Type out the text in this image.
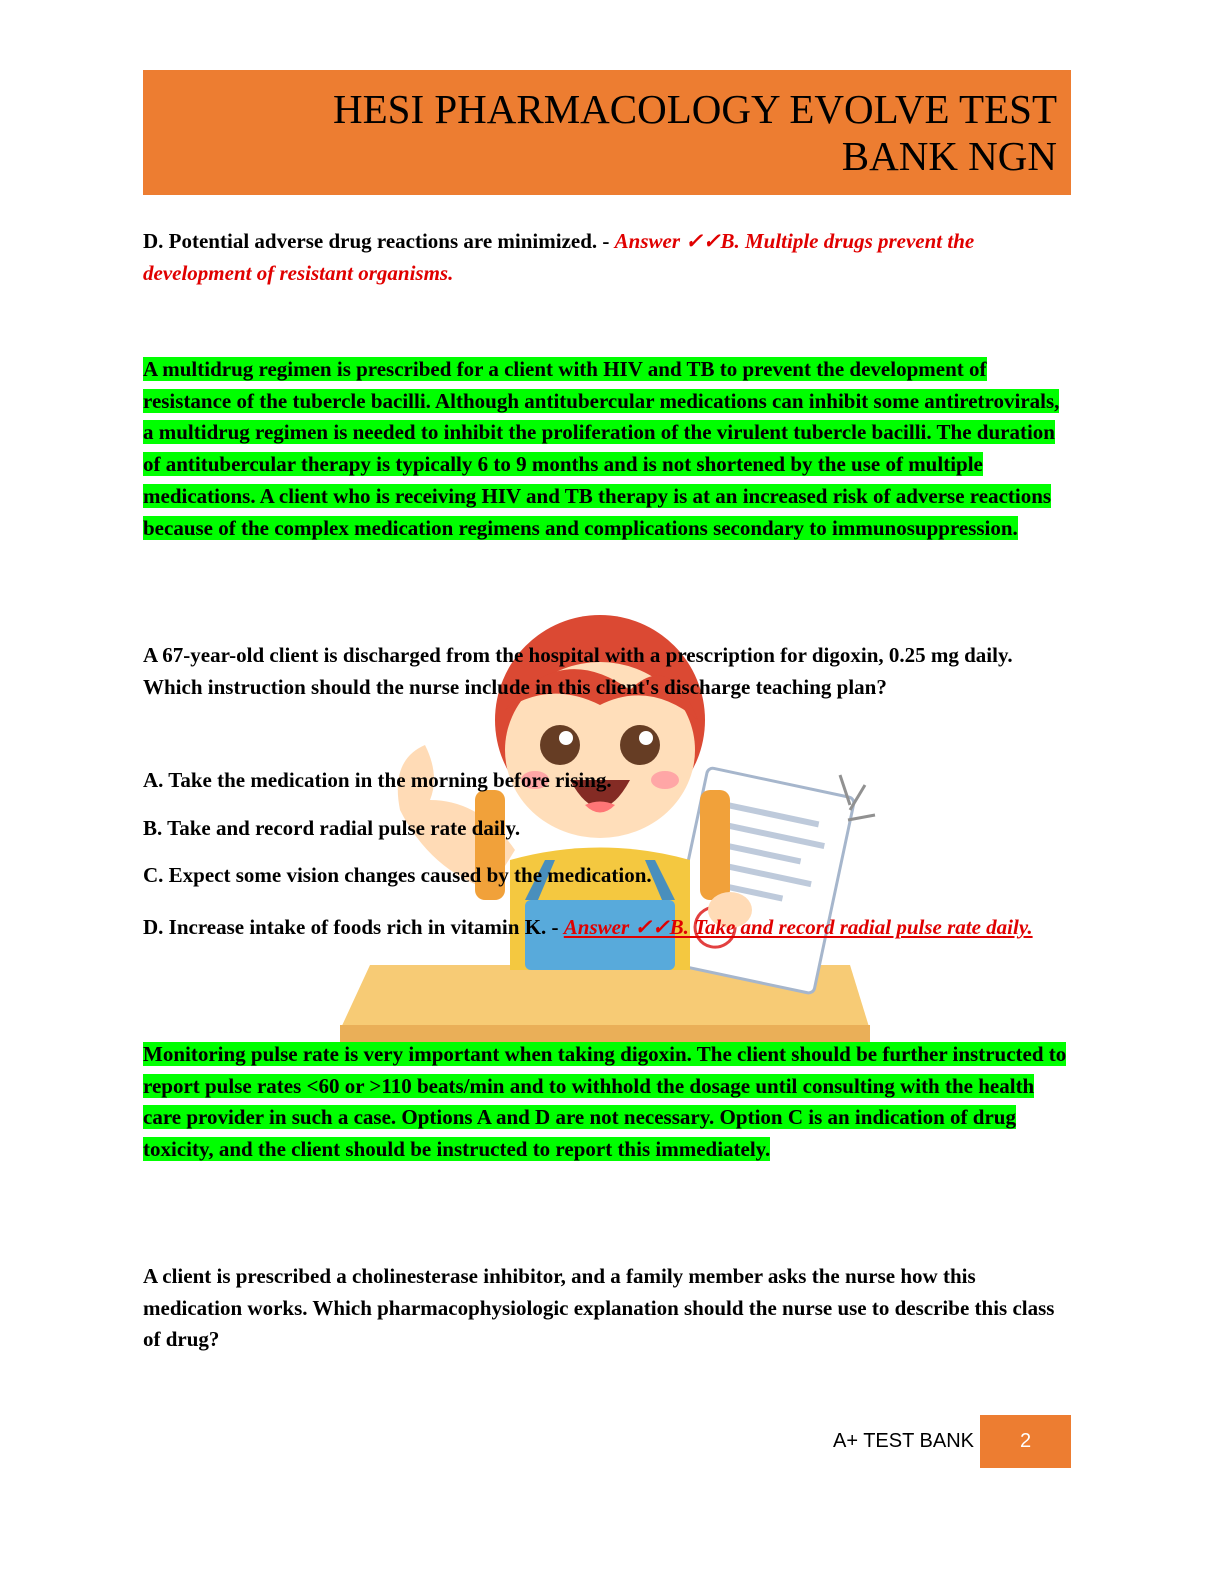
HESI PHARMACOLOGY EVOLVE TEST
BANK NGN

D. Potential adverse drug reactions are minimized. - Answer ✓✓B. Multiple drugs prevent the development of resistant organisms.

A multidrug regimen is prescribed for a client with HIV and TB to prevent the development of resistance of the tubercle bacilli. Although antitubercular medications can inhibit some antiretrovirals, a multidrug regimen is needed to inhibit the proliferation of the virulent tubercle bacilli. The duration of antitubercular therapy is typically 6 to 9 months and is not shortened by the use of multiple medications. A client who is receiving HIV and TB therapy is at an increased risk of adverse reactions because of the complex medication regimens and complications secondary to immunosuppression.

A 67-year-old client is discharged from the hospital with a prescription for digoxin, 0.25 mg daily. Which instruction should the nurse include in this client's discharge teaching plan?

A. Take the medication in the morning before rising.

B. Take and record radial pulse rate daily.

C. Expect some vision changes caused by the medication.

D. Increase intake of foods rich in vitamin K. - Answer ✓✓B. Take and record radial pulse rate daily.

Monitoring pulse rate is very important when taking digoxin. The client should be further instructed to report pulse rates <60 or >110 beats/min and to withhold the dosage until consulting with the health care provider in such a case. Options A and D are not necessary. Option C is an indication of drug toxicity, and the client should be instructed to report this immediately.

A client is prescribed a cholinesterase inhibitor, and a family member asks the nurse how this medication works. Which pharmacophysiologic explanation should the nurse use to describe this class of drug?

A+ TEST BANK	2
